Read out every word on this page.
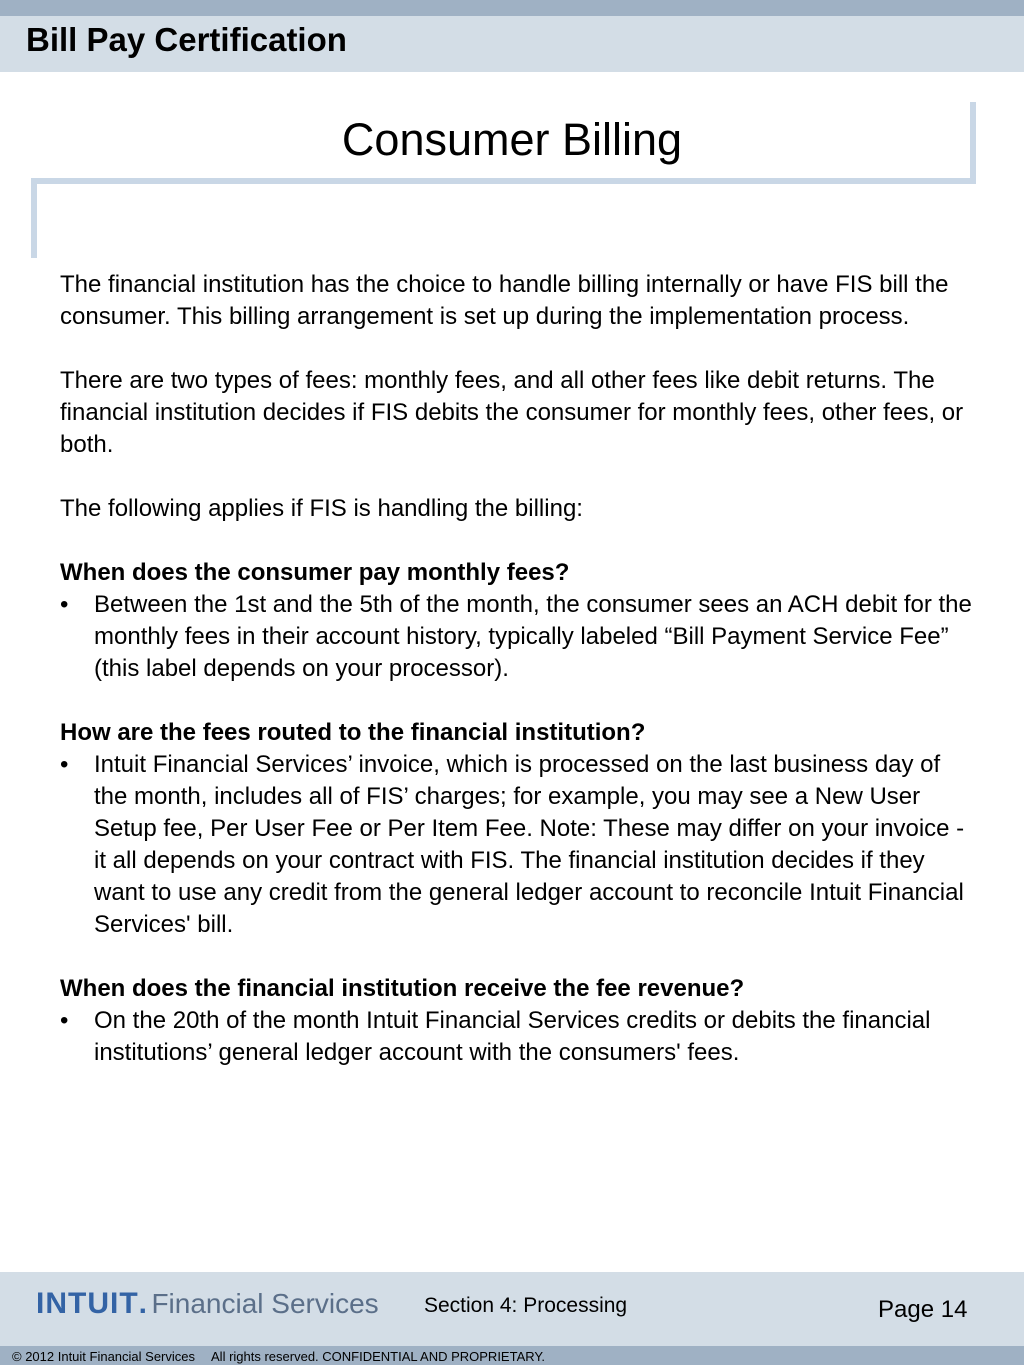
Bill Pay Certification
Consumer Billing

The financial institution has the choice to handle billing internally or have FIS bill the consumer. This billing arrangement is set up during the implementation process.

There are two types of fees: monthly fees, and all other fees like debit returns. The financial institution decides if FIS debits the consumer for monthly fees, other fees, or both.

The following applies if FIS is handling the billing:

When does the consumer pay monthly fees?

• Between the 1st and the 5th of the month, the consumer sees an ACH debit for the monthly fees in their account history, typically labeled “Bill Payment Service Fee” (this label depends on your processor).

How are the fees routed to the financial institution?

• Intuit Financial Services’ invoice, which is processed on the last business day of the month, includes all of FIS’ charges; for example, you may see a New User Setup fee, Per User Fee or Per Item Fee. Note: These may differ on your invoice - it all depends on your contract with FIS. The financial institution decides if they want to use any credit from the general ledger account to reconcile Intuit Financial Services' bill.

When does the financial institution receive the fee revenue?

• On the 20th of the month Intuit Financial Services credits or debits the financial institutions’ general ledger account with the consumers' fees.
INTUIT. Financial Services Section 4: Processing	Page 14
© 2012 Intuit Financial Services All rights reserved. CONFIDENTIAL AND PROPRIETARY.
